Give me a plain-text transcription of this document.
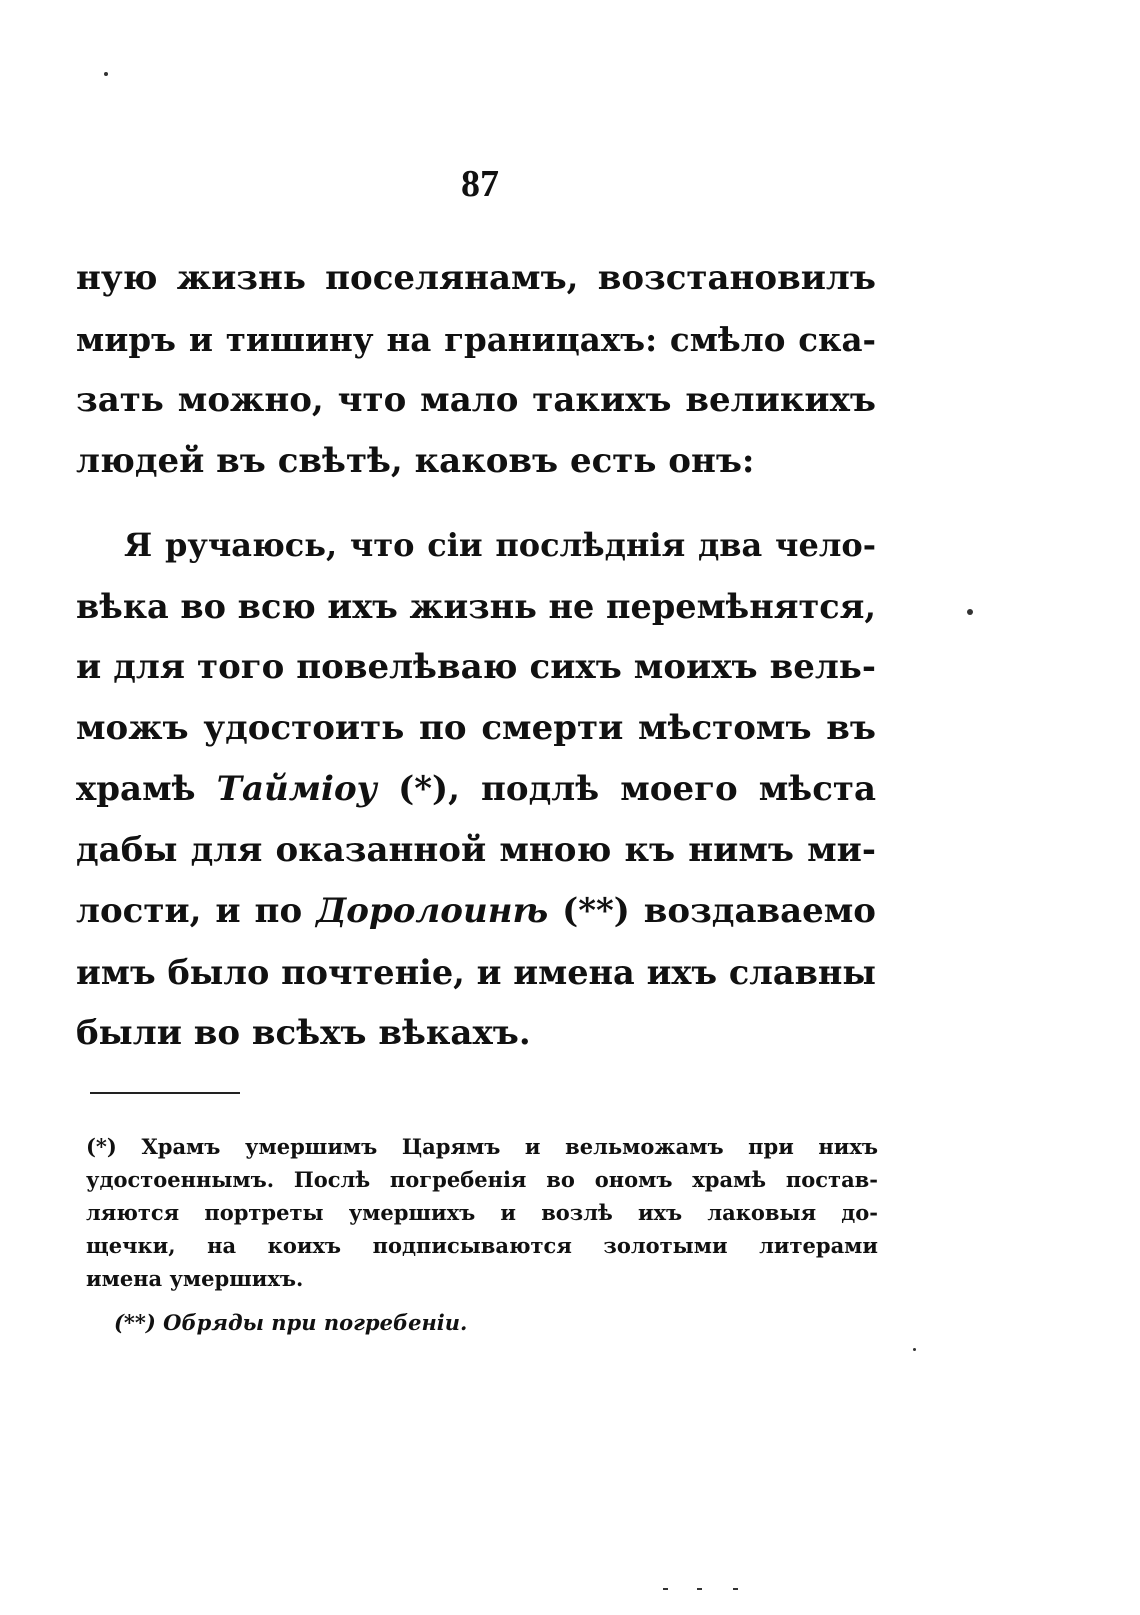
87
ную жизнь поселянамъ, возстановилъ
миръ и тишину на границахъ: смѣло ска-
зать можно, что мало такихъ великихъ
людей въ свѣтѣ, каковъ есть онъ:
Я ручаюсь, что сіи послѣднія два чело-
вѣка во всю ихъ жизнь не перемѣнятся,
и для того повелѣваю сихъ моихъ вель-
можъ удостоить по смерти мѣстомъ въ
храмѣ Таймiоу (*), подлѣ моего мѣста
дабы для оказанной мною къ нимъ ми-
лости, и по Доролоинѣ (**) воздаваемо
имъ было почтеніе, и имена ихъ славны
были во всѣхъ вѣкахъ.
(*) Храмъ умершимъ Царямъ и вельможамъ при нихъ
удостоеннымъ. Послѣ погребенія во ономъ храмѣ постав-
ляются портреты умершихъ и возлѣ ихъ лаковыя до-
щечки, на коихъ подписываются золотыми литерами
имена умершихъ.
(**) Обряды при погребеніи.
